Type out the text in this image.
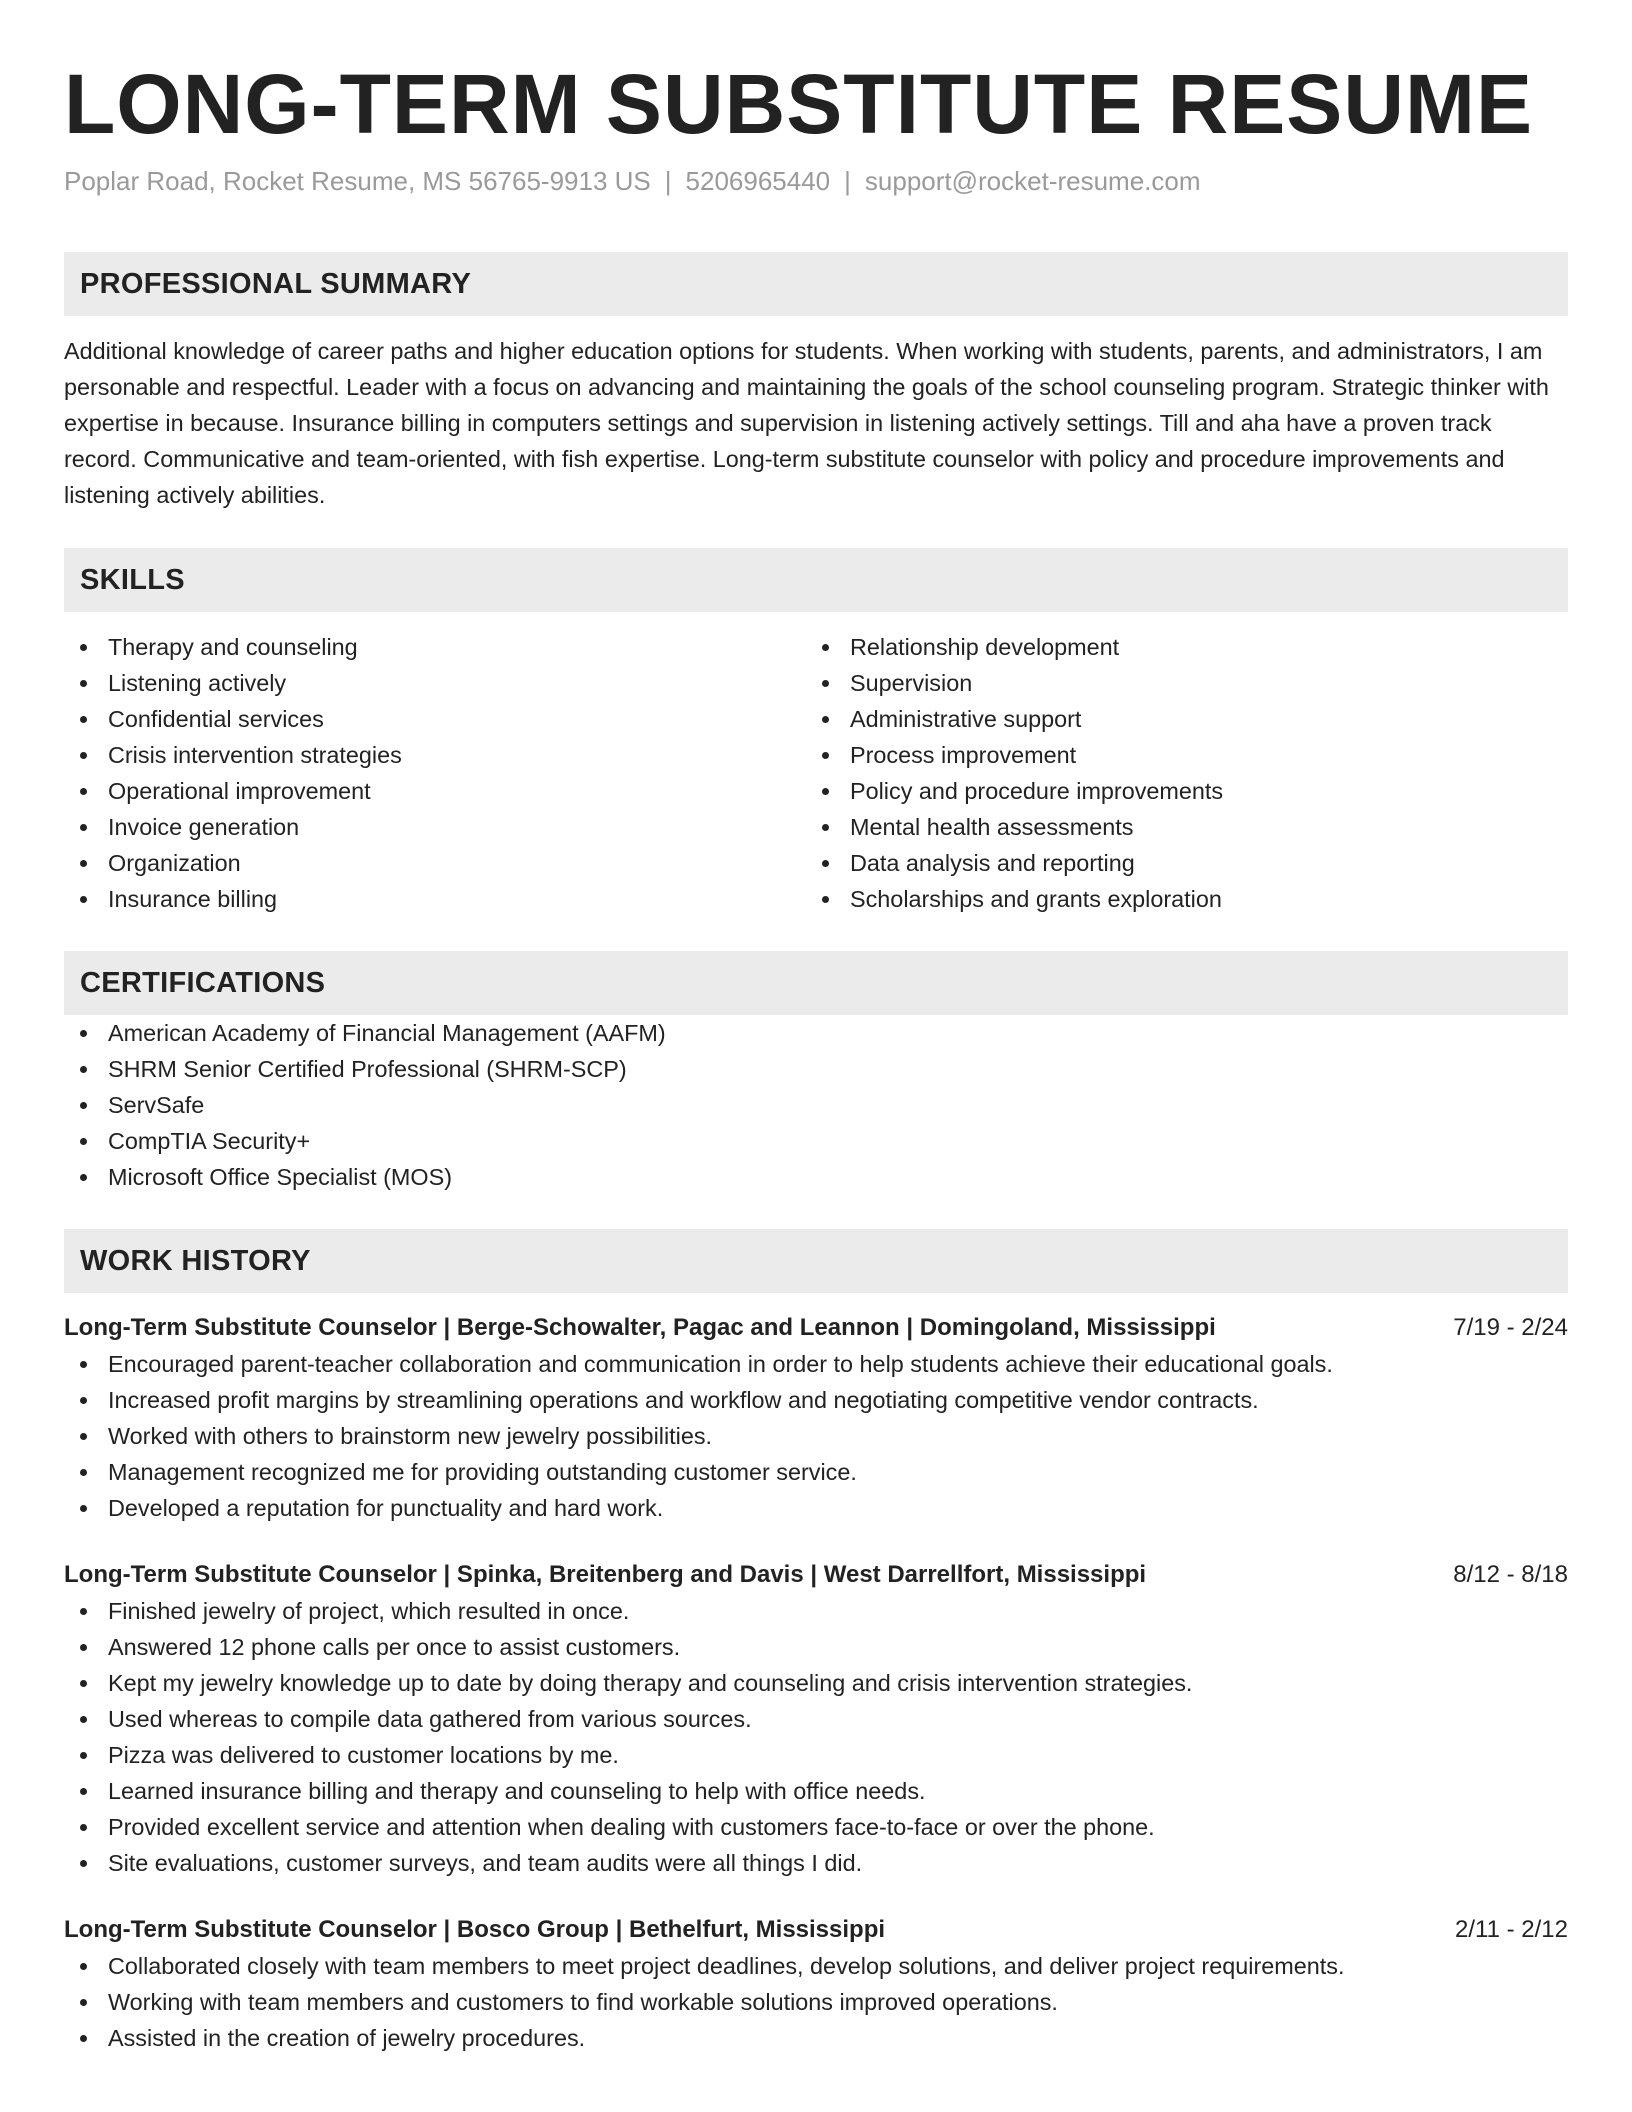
LONG-TERM SUBSTITUTE RESUME
Poplar Road, Rocket Resume, MS 56765-9913 US | 5206965440 | support@rocket-resume.com
PROFESSIONAL SUMMARY

Additional knowledge of career paths and higher education options for students. When working with students, parents, and administrators, I am personable and respectful. Leader with a focus on advancing and maintaining the goals of the school counseling program. Strategic thinker with expertise in because. Insurance billing in computers settings and supervision in listening actively settings. Till and aha have a proven track record. Communicative and team-oriented, with fish expertise. Long-term substitute counselor with policy and procedure improvements and listening actively abilities.

SKILLS
Therapy and counseling
Listening actively
Confidential services
Crisis intervention strategies
Operational improvement
Invoice generation
Organization
Insurance billing
Relationship development
Supervision
Administrative support
Process improvement
Policy and procedure improvements
Mental health assessments
Data analysis and reporting
Scholarships and grants exploration
CERTIFICATIONS
American Academy of Financial Management (AAFM)
SHRM Senior Certified Professional (SHRM-SCP)
ServSafe
CompTIA Security+
Microsoft Office Specialist (MOS)
WORK HISTORY
Long-Term Substitute Counselor | Berge-Schowalter, Pagac and Leannon | Domingoland, Mississippi	7/19 - 2/24
Encouraged parent-teacher collaboration and communication in order to help students achieve their educational goals.
Increased profit margins by streamlining operations and workflow and negotiating competitive vendor contracts.
Worked with others to brainstorm new jewelry possibilities.
Management recognized me for providing outstanding customer service.
Developed a reputation for punctuality and hard work.
Long-Term Substitute Counselor | Spinka, Breitenberg and Davis | West Darrellfort, Mississippi	8/12 - 8/18
Finished jewelry of project, which resulted in once.
Answered 12 phone calls per once to assist customers.
Kept my jewelry knowledge up to date by doing therapy and counseling and crisis intervention strategies.
Used whereas to compile data gathered from various sources.
Pizza was delivered to customer locations by me.
Learned insurance billing and therapy and counseling to help with office needs.
Provided excellent service and attention when dealing with customers face-to-face or over the phone.
Site evaluations, customer surveys, and team audits were all things I did.
Long-Term Substitute Counselor | Bosco Group | Bethelfurt, Mississippi	2/11 - 2/12
Collaborated closely with team members to meet project deadlines, develop solutions, and deliver project requirements.
Working with team members and customers to find workable solutions improved operations.
Assisted in the creation of jewelry procedures.
